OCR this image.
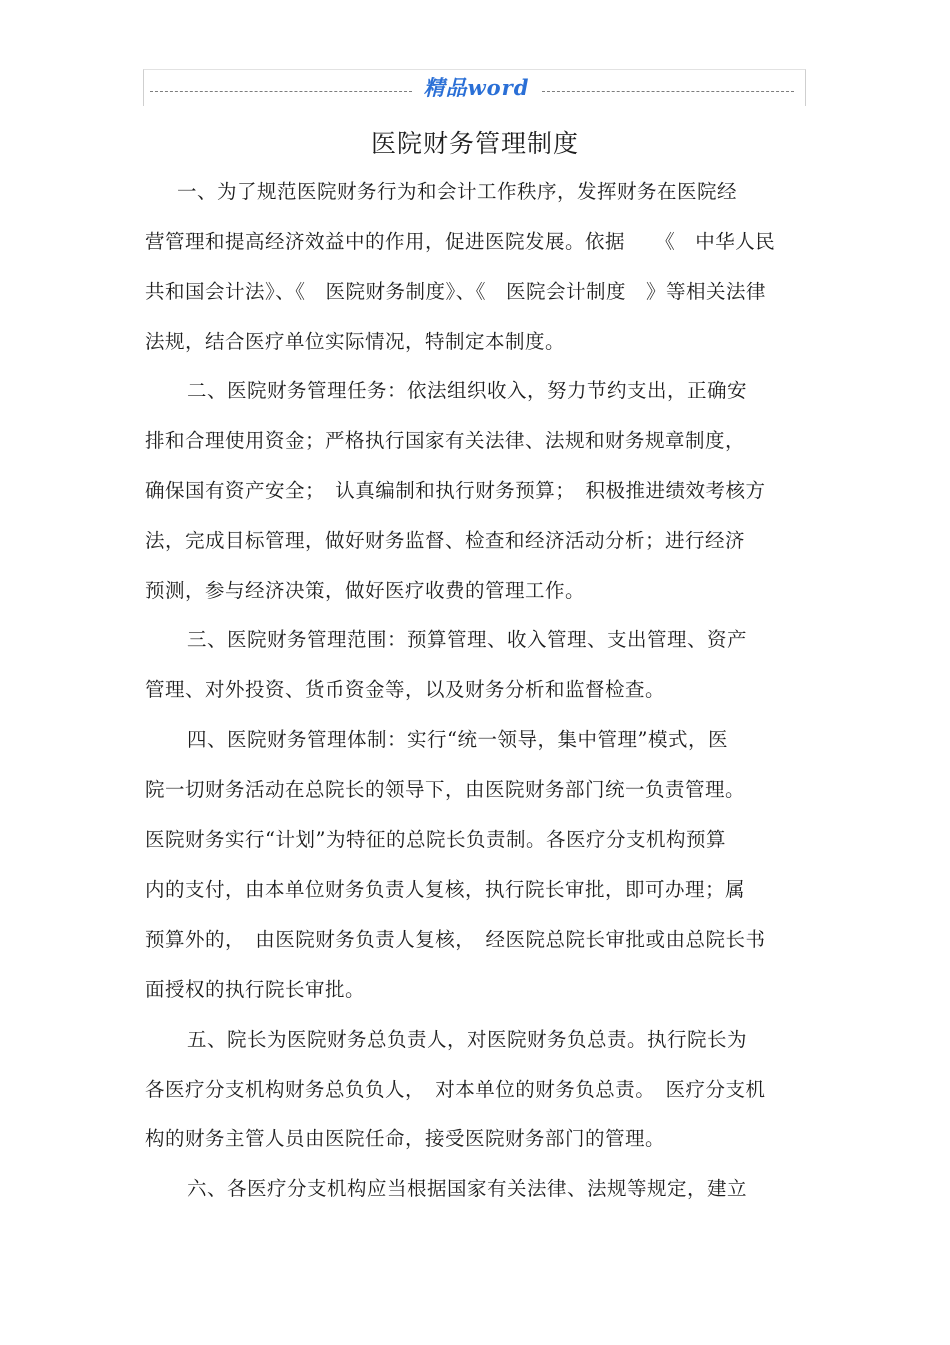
精品word
医院财务管理制度
一、为了规范医院财务行为和会计工作秩序，发挥财务在医院经
营管理和提高经济效益中的作用，促进医院发展。依据　　《　中华人民
共和国会计法》、《　医院财务制度》、《　医院会计制度　》等相关法律
法规，结合医疗单位实际情况，特制定本制度。
二、医院财务管理任务：依法组织收入，努力节约支出，正确安
排和合理使用资金；严格执行国家有关法律、法规和财务规章制度，
确保国有资产安全；　认真编制和执行财务预算；　积极推进绩效考核方
法，完成目标管理，做好财务监督、检查和经济活动分析；进行经济
预测，参与经济决策，做好医疗收费的管理工作。
三、医院财务管理范围：预算管理、收入管理、支出管理、资产
管理、对外投资、货币资金等，以及财务分析和监督检查。
四、医院财务管理体制：实行“统一领导，集中管理”模式，医
院一切财务活动在总院长的领导下，由医院财务部门统一负责管理。
医院财务实行“计划”为特征的总院长负责制。各医疗分支机构预算
内的支付，由本单位财务负责人复核，执行院长审批，即可办理；属
预算外的，　由医院财务负责人复核，　经医院总院长审批或由总院长书
面授权的执行院长审批。
五、院长为医院财务总负责人，对医院财务负总责。执行院长为
各医疗分支机构财务总负负人，　对本单位的财务负总责。　医疗分支机
构的财务主管人员由医院任命，接受医院财务部门的管理。
六、各医疗分支机构应当根据国家有关法律、法规等规定，建立
